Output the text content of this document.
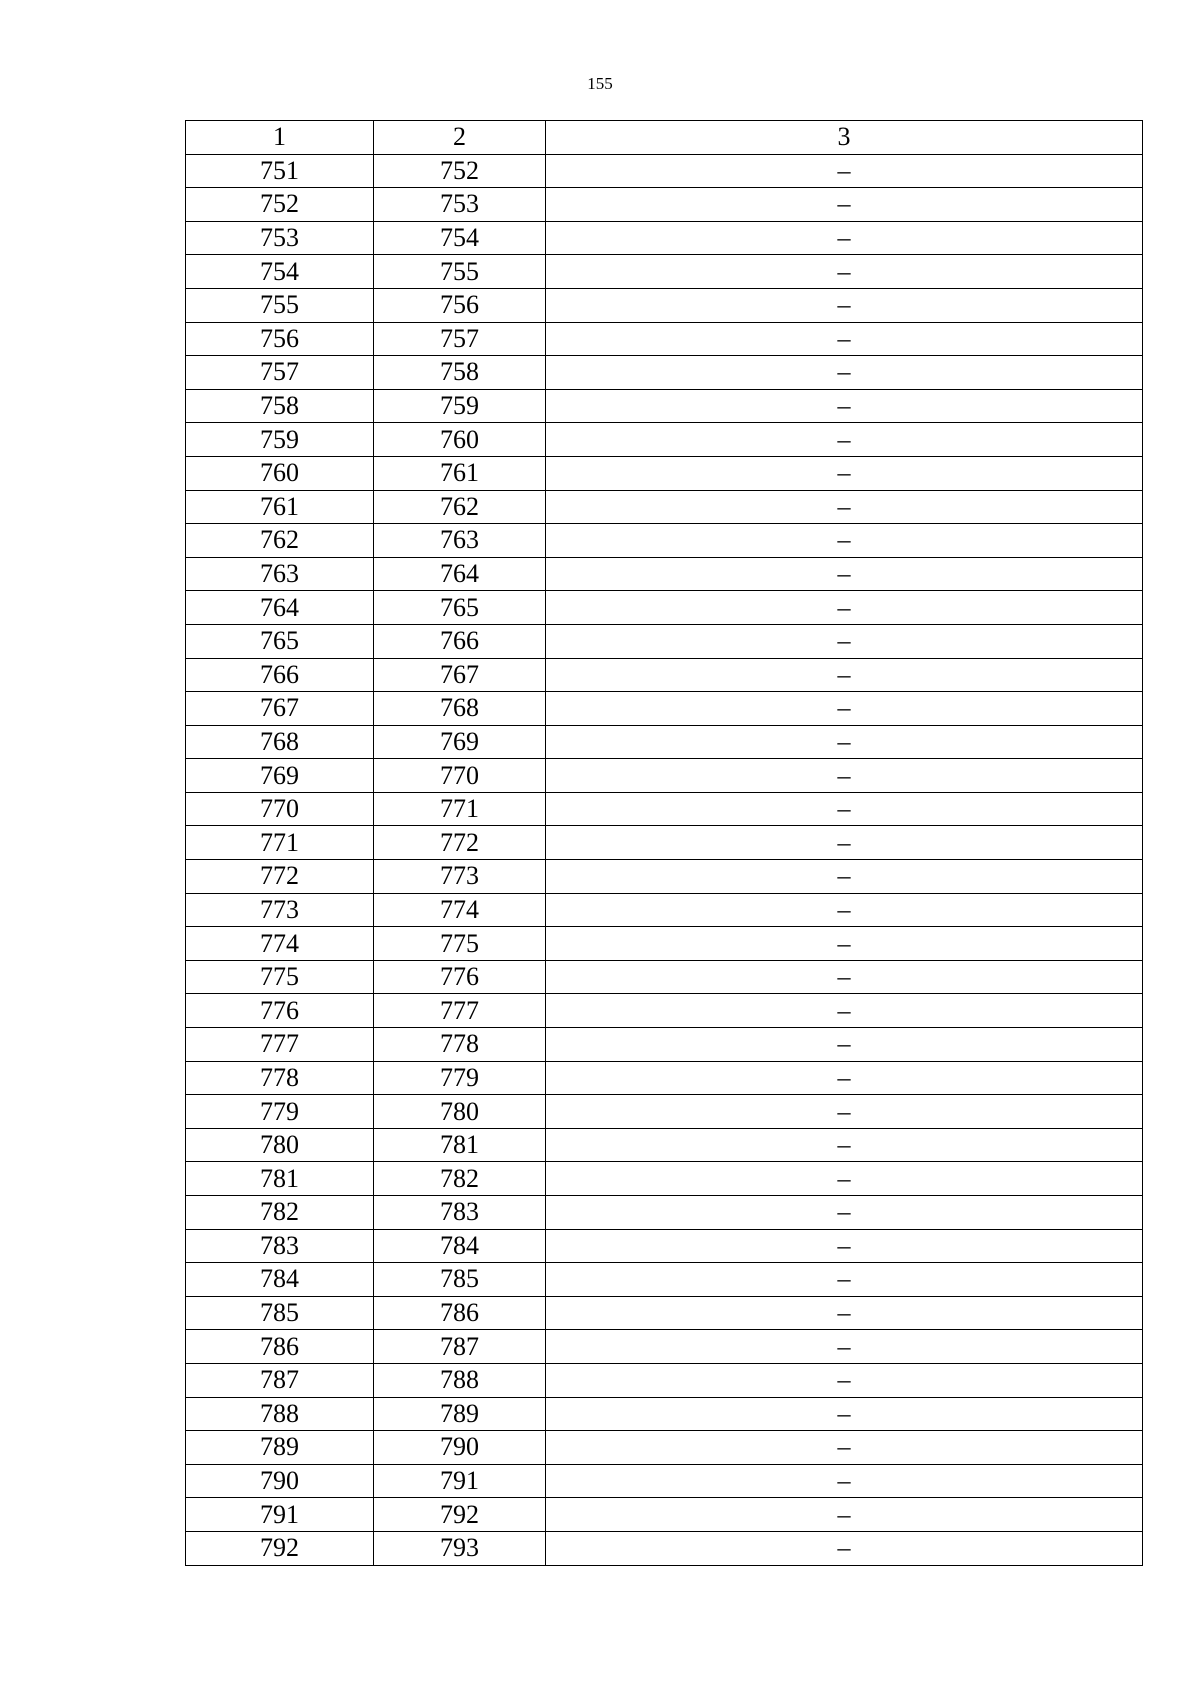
155
1	2	3
751	752	–
752	753	–
753	754	–
754	755	–
755	756	–
756	757	–
757	758	–
758	759	–
759	760	–
760	761	–
761	762	–
762	763	–
763	764	–
764	765	–
765	766	–
766	767	–
767	768	–
768	769	–
769	770	–
770	771	–
771	772	–
772	773	–
773	774	–
774	775	–
775	776	–
776	777	–
777	778	–
778	779	–
779	780	–
780	781	–
781	782	–
782	783	–
783	784	–
784	785	–
785	786	–
786	787	–
787	788	–
788	789	–
789	790	–
790	791	–
791	792	–
792	793	–
